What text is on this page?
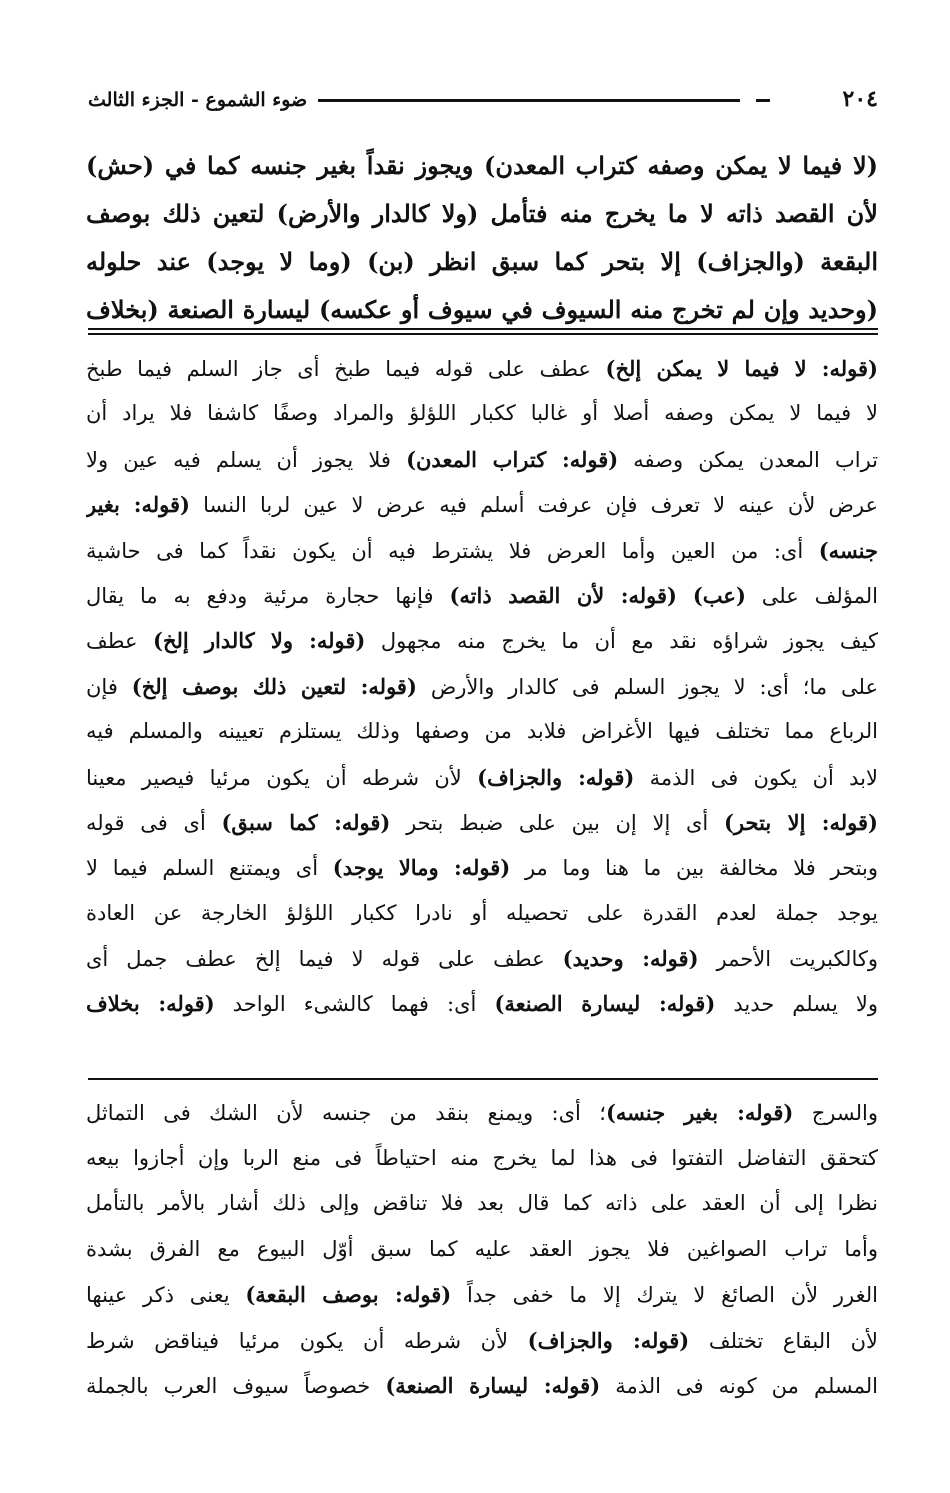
٢٠٤
ضوء الشموع - الجزء الثالث
(لا فيما لا يمكن وصفه كتراب المعدن) ويجوز نقداً بغير جنسه كما في (حش)
لأن القصد ذاته لا ما يخرج منه فتأمل (ولا كالدار والأرض) لتعين ذلك بوصف
البقعة (والجزاف) إلا بتحر كما سبق انظر (بن) (وما لا يوجد) عند حلوله
(وحديد وإن لم تخرج منه السيوف في سيوف أو عكسه) ليسارة الصنعة (بخلاف
(قوله: لا فيما لا يمكن إلخ) عطف على قوله فيما طبخ أى جاز السلم فيما طبخ
لا فيما لا يمكن وصفه أصلا أو غالبا ككبار اللؤلؤ والمراد وصفًا كاشفا فلا يراد أن
تراب المعدن يمكن وصفه (قوله: كتراب المعدن) فلا يجوز أن يسلم فيه عين ولا
عرض لأن عينه لا تعرف فإن عرفت أسلم فيه عرض لا عين لربا النسا (قوله: بغير
جنسه) أى: من العين وأما العرض فلا يشترط فيه أن يكون نقداً كما فى حاشية
المؤلف على (عب) (قوله: لأن القصد ذاته) فإنها حجارة مرئية ودفع به ما يقال
كيف يجوز شراؤه نقد مع أن ما يخرج منه مجهول (قوله: ولا كالدار إلخ) عطف
على ما؛ أى: لا يجوز السلم فى كالدار والأرض (قوله: لتعين ذلك بوصف إلخ) فإن
الرباع مما تختلف فيها الأغراض فلابد من وصفها وذلك يستلزم تعيينه والمسلم فيه
لابد أن يكون فى الذمة (قوله: والجزاف) لأن شرطه أن يكون مرئيا فيصير معينا
(قوله: إلا بتحر) أى إلا إن بين على ضبط بتحر (قوله: كما سبق) أى فى قوله
وبتحر فلا مخالفة بين ما هنا وما مر (قوله: ومالا يوجد) أى ويمتنع السلم فيما لا
يوجد جملة لعدم القدرة على تحصيله أو نادرا ككبار اللؤلؤ الخارجة عن العادة
وكالكبريت الأحمر (قوله: وحديد) عطف على قوله لا فيما إلخ عطف جمل أى
ولا يسلم حديد (قوله: ليسارة الصنعة) أى: فهما كالشىء الواحد (قوله: بخلاف
والسرج (قوله: بغير جنسه)؛ أى: ويمنع بنقد من جنسه لأن الشك فى التماثل
كتحقق التفاضل التفتوا فى هذا لما يخرج منه احتياطاً فى منع الربا وإن أجازوا بيعه
نظرا إلى أن العقد على ذاته كما قال بعد فلا تناقض وإلى ذلك أشار بالأمر بالتأمل
وأما تراب الصواغين فلا يجوز العقد عليه كما سبق أوّل البيوع مع الفرق بشدة
الغرر لأن الصائغ لا يترك إلا ما خفى جداً (قوله: بوصف البقعة) يعنى ذكر عينها
لأن البقاع تختلف (قوله: والجزاف) لأن شرطه أن يكون مرئيا فيناقض شرط
المسلم من كونه فى الذمة (قوله: ليسارة الصنعة) خصوصاً سيوف العرب بالجملة
